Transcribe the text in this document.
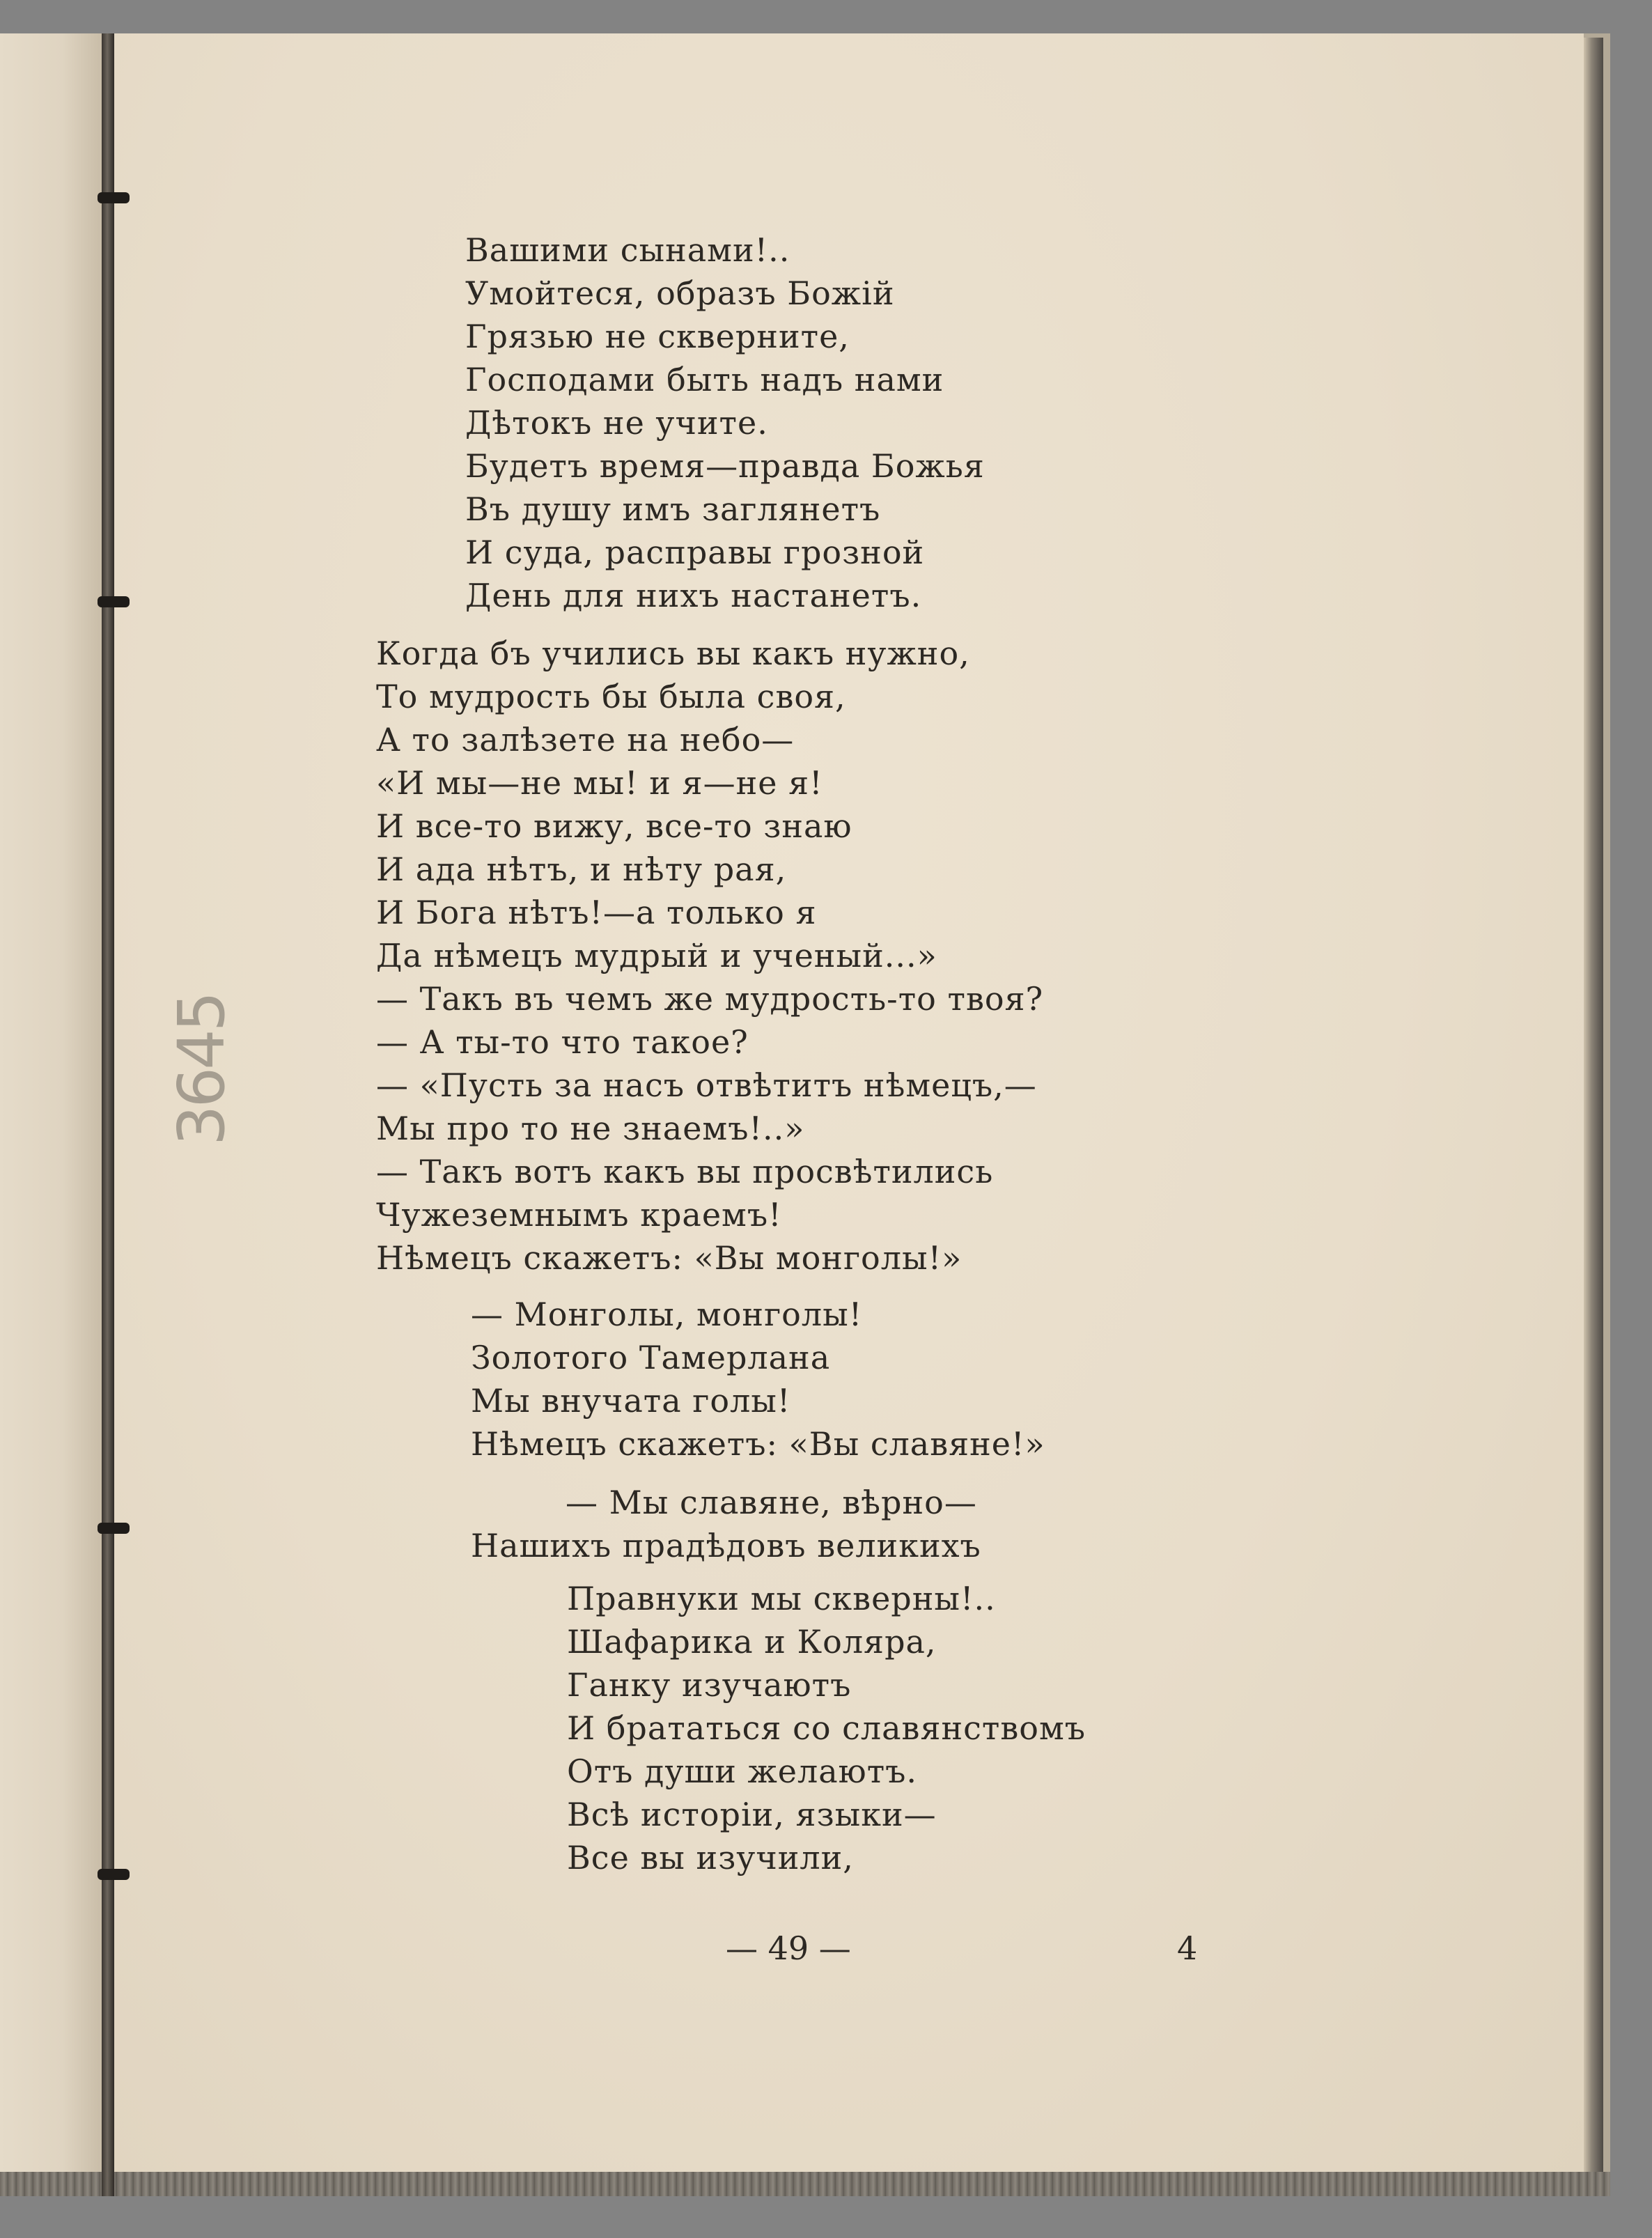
3645
Вашими сынами!..
Умойтеся, образъ Божій
Грязью не скверните,
Господами быть надъ нами
Дѣтокъ не учите.
Будетъ время—правда Божья
Въ душу имъ заглянетъ
И суда, расправы грозной
День для нихъ настанетъ.
Когда бъ учились вы какъ нужно,
То мудрость бы была своя,
А то залѣзете на небо—
«И мы—не мы! и я—не я!
И все-то вижу, все-то знаю
И ада нѣтъ, и нѣту рая,
И Бога нѣтъ!—а только я
Да нѣмецъ мудрый и ученый...»
— Такъ въ чемъ же мудрость-то твоя?
— А ты-то что такое?
— «Пусть за насъ отвѣтитъ нѣмецъ,—
Мы про то не знаемъ!..»
— Такъ вотъ какъ вы просвѣтились
Чужеземнымъ краемъ!
Нѣмецъ скажетъ: «Вы монголы!»
— Монголы, монголы!
Золотого Тамерлана
Мы внучата голы!
Нѣмецъ скажетъ: «Вы славяне!»
— Мы славяне, вѣрно—
Нашихъ прадѣдовъ великихъ
Правнуки мы скверны!..
Шафарика и Коляра,
Ганку изучаютъ
И брататься со славянствомъ
Отъ души желаютъ.
Всѣ исторіи, языки—
Все вы изучили,
— 49 —	4
